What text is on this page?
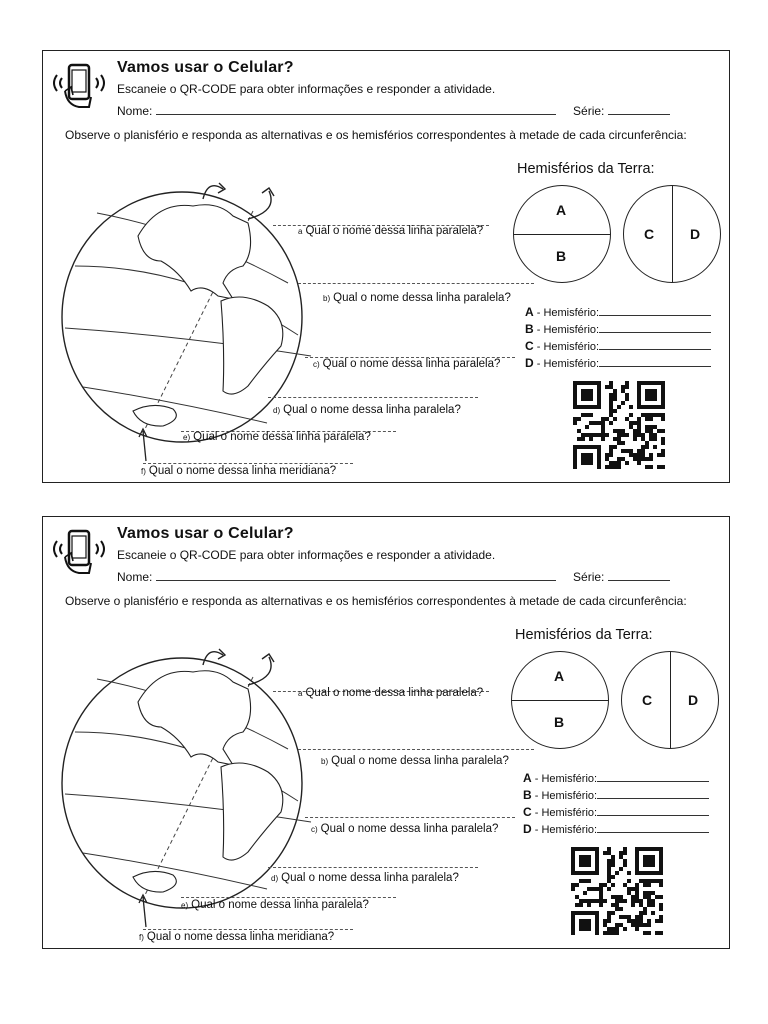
Vamos usar o Celular?
Escaneie o QR-CODE para obter informações e responder a atividade.
Nome:	Série:
Observe o planisfério e responda as alternativas e os hemisférios correspondentes à metade de cada circunferência:
a Qual o nome dessa linha paralela?
b) Qual o nome dessa linha paralela?
c) Qual o nome dessa linha paralela?
d) Qual o nome dessa linha paralela?
e) Qual o nome dessa linha paralela?
f) Qual o nome dessa linha meridiana?
Hemisférios da Terra:
A
B
C	D
A - Hemisfério:
B - Hemisfério:
C - Hemisfério:
D - Hemisfério:
Vamos usar o Celular?
Escaneie o QR-CODE para obter informações e responder a atividade.
Nome:	Série:
Observe o planisfério e responda as alternativas e os hemisférios correspondentes à metade de cada circunferência:
a Qual o nome dessa linha paralela?
b) Qual o nome dessa linha paralela?
c) Qual o nome dessa linha paralela?
d) Qual o nome dessa linha paralela?
e) Qual o nome dessa linha paralela?
f) Qual o nome dessa linha meridiana?
Hemisférios da Terra:
A
B
C	D
A - Hemisfério:
B - Hemisfério:
C - Hemisfério:
D - Hemisfério:
